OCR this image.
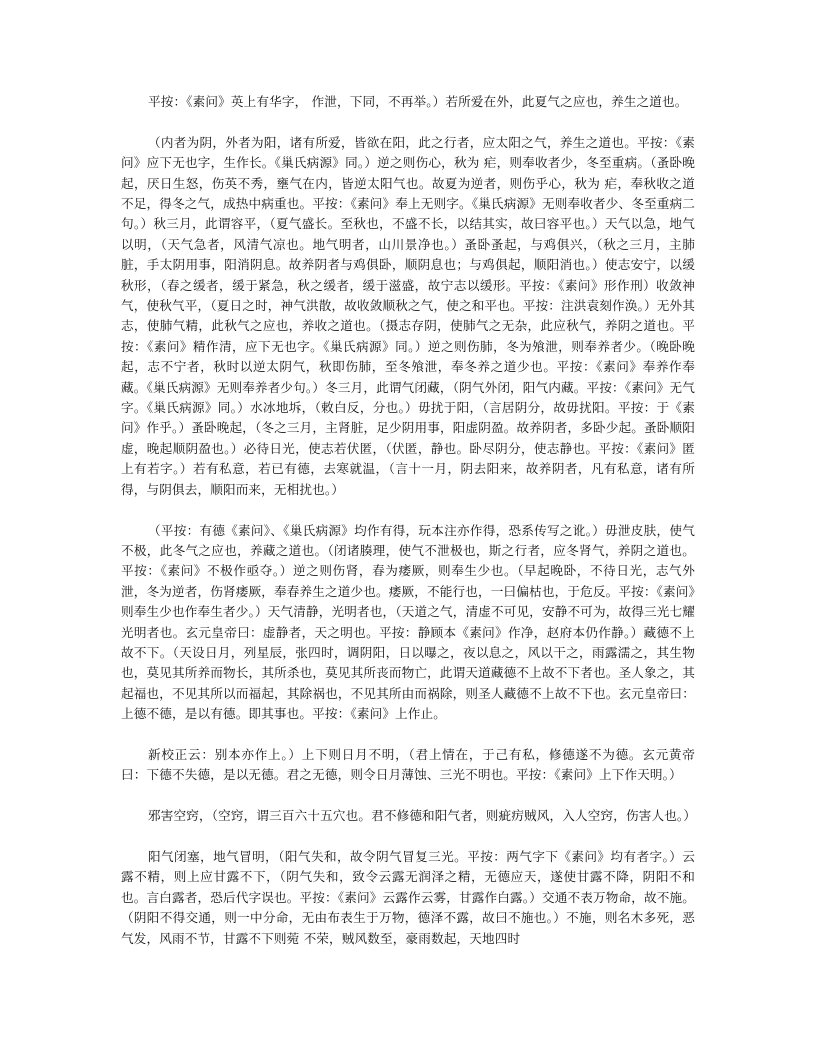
平按：《素问》英上有华字， 作泄，下同，不再举。）若所爱在外，此夏气之应也，养生之道也。

（内者为阴，外者为阳，诸有所爱，皆欲在阳，此之行者，应太阳之气，养生之道也。平按：《素问》应下无也字，生作长。《巢氏病源》同。）逆之则伤心，秋为 疟，则奉收者少，冬至重病。（蚤卧晚起，厌日生怒，伤英不秀，壅气在内，皆逆太阳气也。故夏为逆者，则伤乎心，秋为 疟，奉秋收之道不足，得冬之气，成热中病重也。平按：《素问》奉上无则字。《巢氏病源》无则奉收者少、冬至重病二句。）秋三月，此谓容平，（夏气盛长。至秋也，不盛不长，以结其实，故曰容平也。）天气以急，地气以明，（天气急者，风清气凉也。地气明者，山川景净也。）蚤卧蚤起，与鸡俱兴，（秋之三月，主肺脏，手太阴用事，阳消阴息。故养阴者与鸡俱卧，顺阴息也；与鸡俱起，顺阳消也。）使志安宁，以缓秋形，（春之缓者，缓于紧急，秋之缓者，缓于滋盛，故宁志以缓形。平按：《素问》形作刑）收敛神气，使秋气平，（夏日之时，神气洪散，故收敛顺秋之气，使之和平也。平按：注洪袁刻作涣。）无外其志，使肺气精，此秋气之应也，养收之道也。（摄志存阴，使肺气之无杂，此应秋气，养阴之道也。平按：《素问》精作清，应下无也字。《巢氏病源》同。）逆之则伤肺，冬为飧泄，则奉养者少。（晚卧晚起，志不宁者，秋时以逆太阴气，秋即伤肺，至冬飧泄，奉冬养之道少也。平按：《素问》奉养作奉藏。《巢氏病源》无则奉养者少句。）冬三月，此谓气闭藏，（阴气外闭，阳气内藏。平按：《素问》无气字。《巢氏病源》同。）水冰地坼，（敕白反，分也。）毋扰于阳，（言居阴分，故毋扰阳。平按：于《素问》作乎。）蚤卧晚起，（冬之三月，主肾脏，足少阴用事，阳虚阴盈。故养阴者，多卧少起。蚤卧顺阳虚，晚起顺阴盈也。）必待日光，使志若伏匿，（伏匿，静也。卧尽阴分，使志静也。平按：《素问》匿上有若字。）若有私意，若已有德，去寒就温，（言十一月，阴去阳来，故养阴者，凡有私意，诸有所得，与阴俱去，顺阳而来，无相扰也。）

（平按：有德《素问》、《巢氏病源》均作有得，玩本注亦作得，恐系传写之讹。）毋泄皮肤，使气不极，此冬气之应也，养藏之道也。（闭诸腠理，使气不泄极也，斯之行者，应冬肾气，养阴之道也。平按：《素问》不极作亟夺。）逆之则伤肾，春为痿厥，则奉生少也。（早起晚卧，不待日光，志气外泄，冬为逆者，伤肾痿厥，奉春养生之道少也。痿厥，不能行也，一曰偏枯也，于危反。平按：《素问》则奉生少也作奉生者少。）天气清静，光明者也，（天道之气，清虚不可见，安静不可为，故得三光七耀光明者也。玄元皇帝曰：虚静者，天之明也。平按：静顾本《素问》作净，赵府本仍作静。）藏德不上故不下。（天设日月，列星辰，张四时，调阴阳，日以曝之，夜以息之，风以干之，雨露濡之，其生物也，莫见其所养而物长，其所杀也，莫见其所丧而物亡，此谓天道藏德不上故不下者也。圣人象之，其起福也，不见其所以而福起，其除祸也，不见其所由而祸除，则圣人藏德不上故不下也。玄元皇帝曰：上德不德，是以有德。即其事也。平按：《素问》上作止。

新校正云：别本亦作上。）上下则日月不明，（君上情在，于己有私，修德遂不为德。玄元黄帝曰：下德不失德，是以无德。君之无德，则令日月薄蚀、三光不明也。平按：《素问》上下作天明。）

邪害空窍，（空窍，谓三百六十五穴也。君不修德和阳气者，则疵疠贼风，入人空窍，伤害人也。）

阳气闭塞，地气冒明，（阳气失和，故令阴气冒复三光。平按：两气字下《素问》均有者字。）云露不精，则上应甘露不下，（阴气失和，致令云露无润泽之精，无德应天，遂使甘露不降，阴阳不和也。言白露者，恐后代字误也。平按：《素问》云露作云雾，甘露作白露。）交通不表万物命，故不施。（阴阳不得交通，则一中分命，无由布表生于万物，德泽不露，故曰不施也。）不施，则名木多死，恶气发，风雨不节，甘露不下则菀 不荣，贼风数至，豪雨数起，天地四时
